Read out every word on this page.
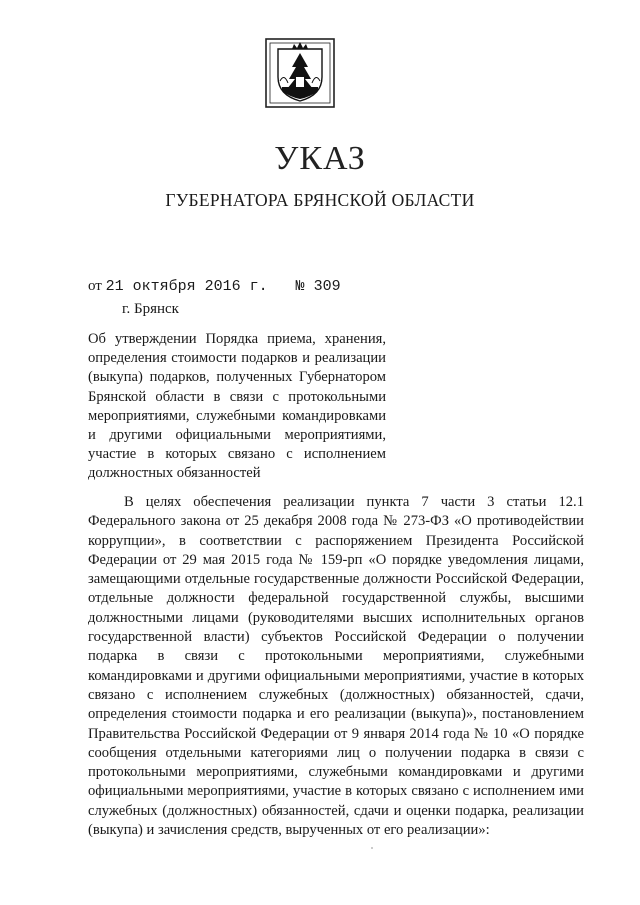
УКАЗ
ГУБЕРНАТОРА БРЯНСКОЙ ОБЛАСТИ
от 21 октября 2016 г. № 309
г. Брянск
Об утверждении Порядка приема, хранения, определения стоимости подарков и реализации (выкупа) подарков, полученных Губернатором Брянской области в связи с протокольными мероприятиями, служебными командировками и другими официальными мероприятиями, участие в которых связано с исполнением должностных обязанностей
В целях обеспечения реализации пункта 7 части 3 статьи 12.1 Федерального закона от 25 декабря 2008 года № 273-ФЗ «О противодействии коррупции», в соответствии с распоряжением Президента Российской Федерации от 29 мая 2015 года № 159-рп «О порядке уведомления лицами, замещающими отдельные государственные должности Российской Федерации, отдельные должности федеральной государственной службы, высшими должностными лицами (руководителями высших исполнительных органов государственной власти) субъектов Российской Федерации о получении подарка в связи с протокольными мероприятиями, служебными командировками и другими официальными мероприятиями, участие в которых связано с исполнением служебных (должностных) обязанностей, сдачи, определения стоимости подарка и его реализации (выкупа)», постановлением Правительства Российской Федерации от 9 января 2014 года № 10 «О порядке сообщения отдельными категориями лиц о получении подарка в связи с протокольными мероприятиями, служебными командировками и другими официальными мероприятиями, участие в которых связано с исполнением ими служебных (должностных) обязанностей, сдачи и оценки подарка, реализации (выкупа) и зачисления средств, вырученных от его реализации»:
